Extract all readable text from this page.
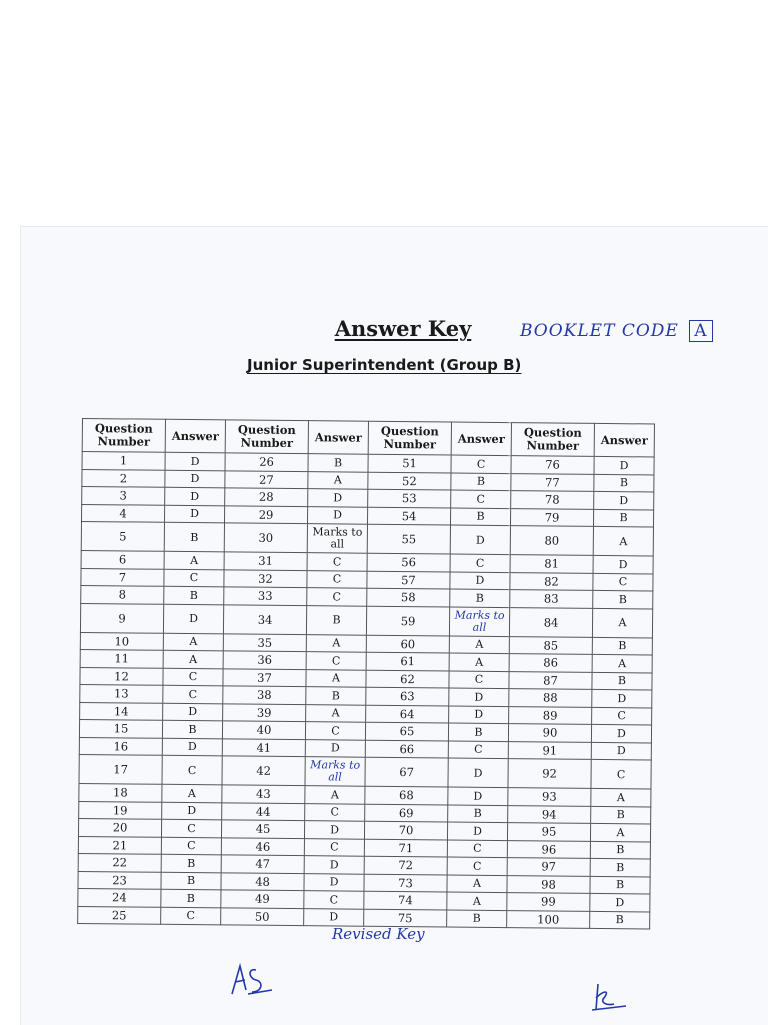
Answer Key
Junior Superintendent (Group B)
BOOKLET CODE A
Question Number	Answer	Question Number	Answer	Question Number	Answer	Question Number	Answer
1	D	26	B	51	C	76	D
2	D	27	A	52	B	77	B
3	D	28	D	53	C	78	D
4	D	29	D	54	B	79	B
5	B	30	Marks to all	55	D	80	A
6	A	31	C	56	C	81	D
7	C	32	C	57	D	82	C
8	B	33	C	58	B	83	B
9	D	34	B	59	Marks to all	84	A
10	A	35	A	60	A	85	B
11	A	36	C	61	A	86	A
12	C	37	A	62	C	87	B
13	C	38	B	63	D	88	D
14	D	39	A	64	D	89	C
15	B	40	C	65	B	90	D
16	D	41	D	66	C	91	D
17	C	42	Marks to all	67	D	92	C
18	A	43	A	68	D	93	A
19	D	44	C	69	B	94	B
20	C	45	D	70	D	95	A
21	C	46	C	71	C	96	B
22	B	47	D	72	C	97	B
23	B	48	D	73	A	98	B
24	B	49	C	74	A	99	D
25	C	50	D	75	B	100	B
Revised Key
